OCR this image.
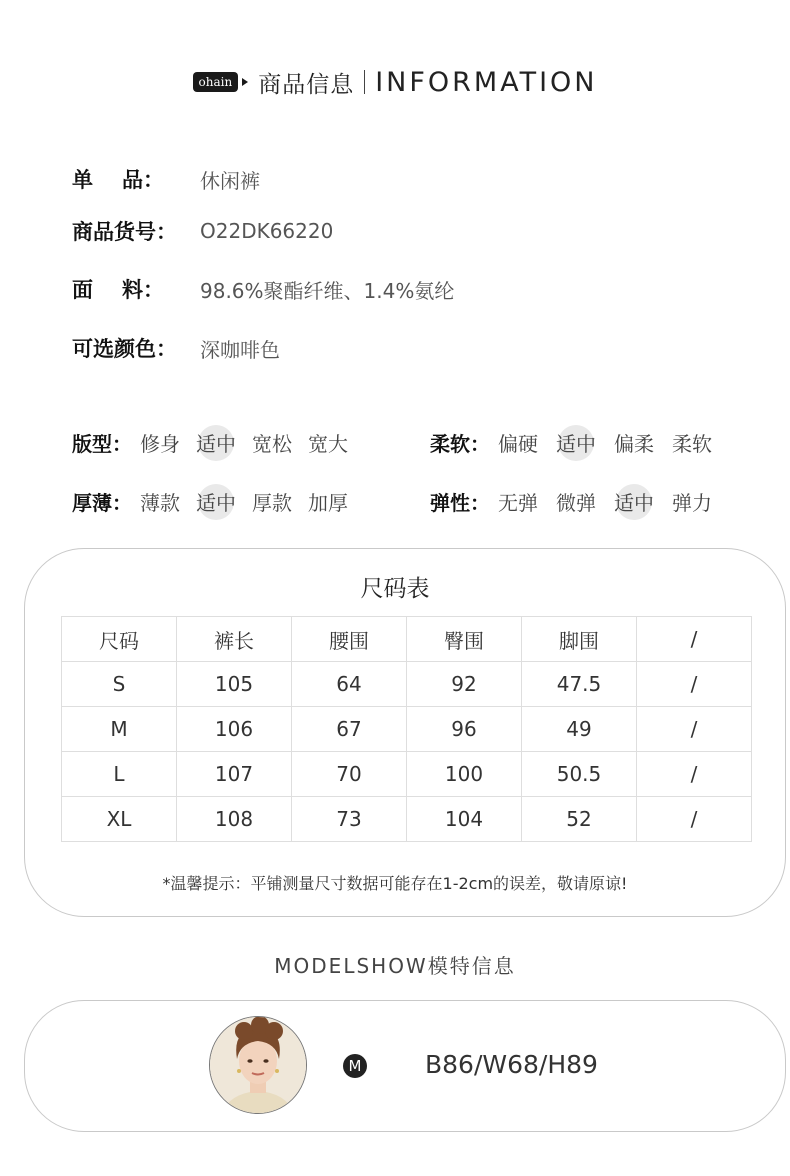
ohain 商品信息 INFORMATION
单 品： 休闲裤
商品货号：	O22DK66220
面 料： 98.6%聚酯纤维、1.4%氨纶
可选颜色：	深咖啡色
版型： 修身 适中 宽松 宽大	柔软： 偏硬 适中 偏柔 柔软
厚薄： 薄款 适中 厚款 加厚	弹性： 无弹 微弹 适中 弹力
尺码表
尺码	裤长	腰围	臀围	脚围	/
S	105	64	92	47.5	/
M	106	67	96	49	/
L	107	70	100	50.5	/
XL	108	73	104	52	/
*温馨提示：平铺测量尺寸数据可能存在1-2cm的误差，敬请原谅!
MODELSHOW模特信息
M	B86/W68/H89
